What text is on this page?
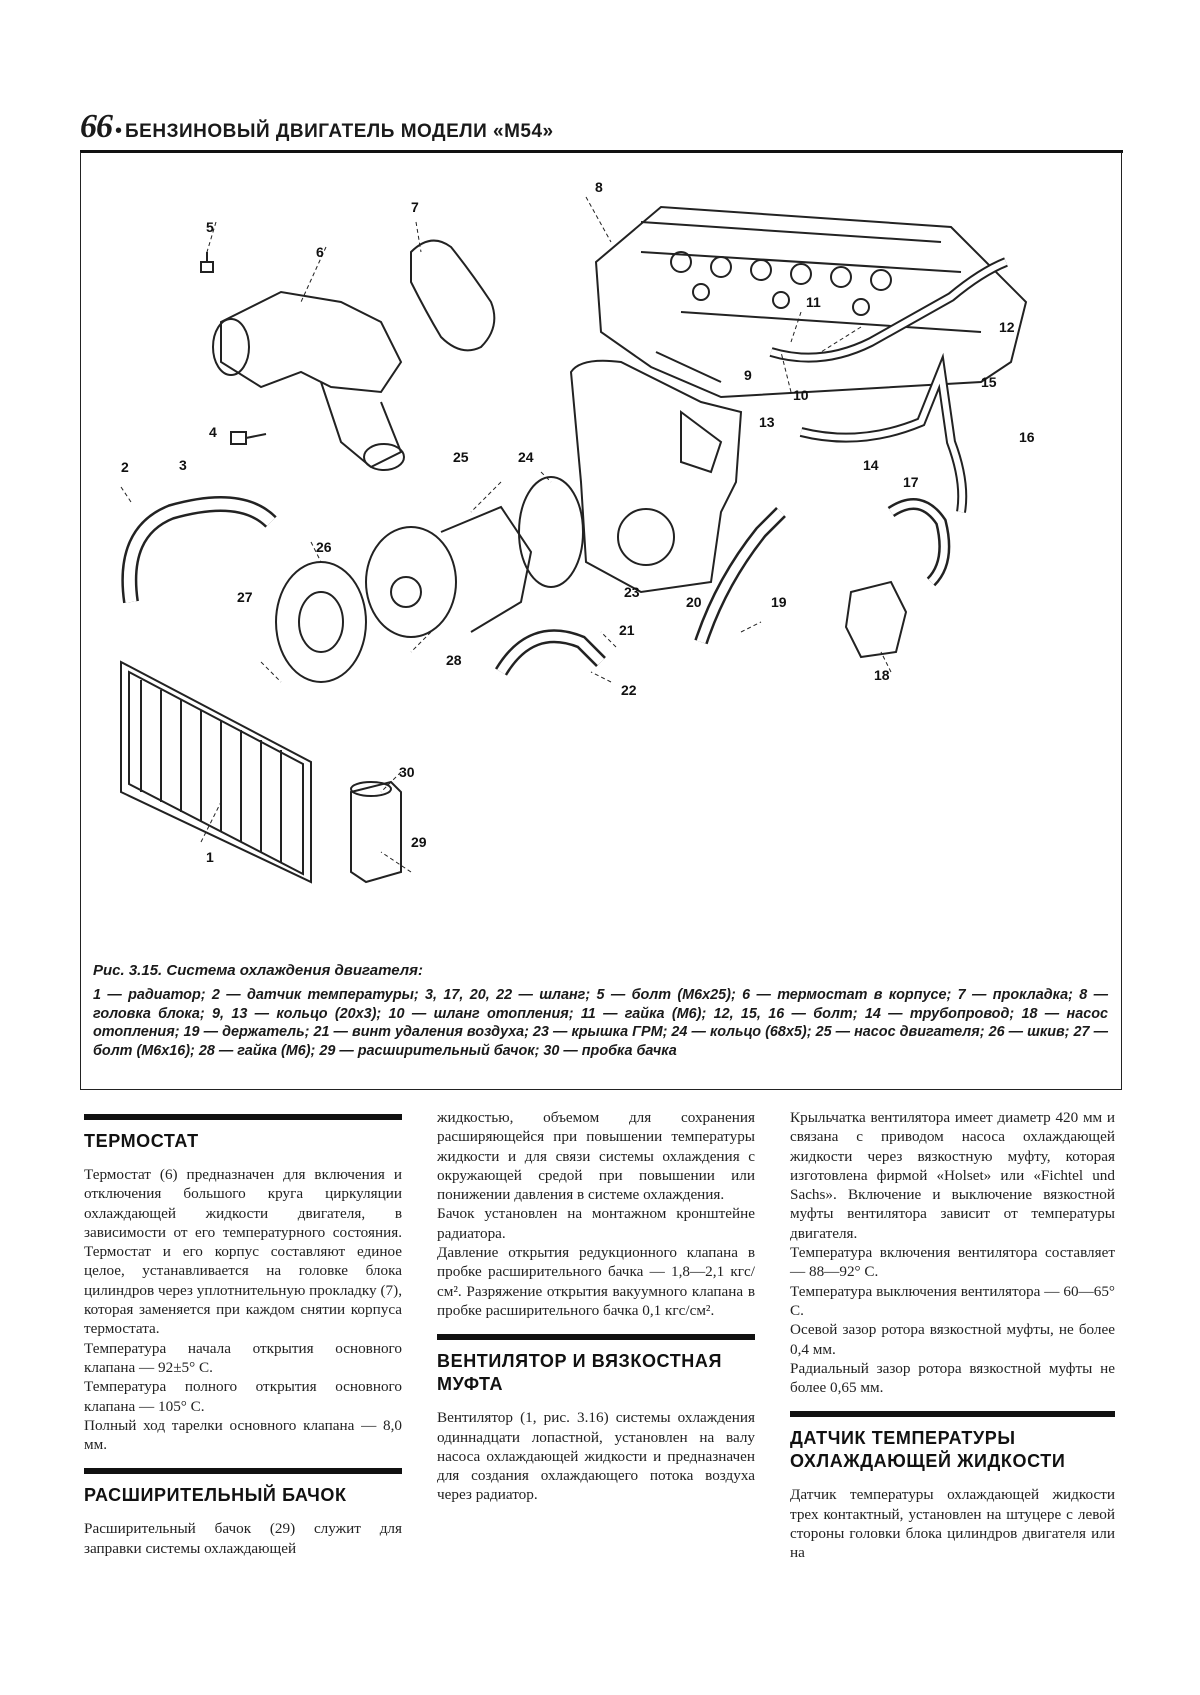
66 • БЕНЗИНОВЫЙ ДВИГАТЕЛЬ МОДЕЛИ «M54»
8
7
5
6
11
12
9
10
15
13
16
4
2	3	25	24	14
17
26
27	23
20	19
21
28
22
18
30
29
1
Рис. 3.15. Система охлаждения двигателя:
1 — радиатор; 2 — датчик температуры; 3, 17, 20, 22 — шланг; 5 — болт (М6х25); 6 — термостат в корпусе; 7 — прокладка; 8 — головка блока; 9, 13 — кольцо (20х3); 10 — шланг отопления; 11 — гайка (М6); 12, 15, 16 — болт; 14 — трубопровод; 18 — насос отопления; 19 — держатель; 21 — винт удаления воздуха; 23 — крышка ГРМ; 24 — кольцо (68х5); 25 — насос двигателя; 26 — шкив; 27 — болт (М6х16); 28 — гайка (М6); 29 — расширительный бачок; 30 — пробка бачка
ТЕРМОСТАТ

Термостат (6) предназначен для включения и отключения большого круга циркуляции охлаждающей жидкости двигателя, в зависимости от его температурного состояния. Термостат и его корпус составляют единое целое, устанавливается на головке блока цилиндров через уплотнительную прокладку (7), которая заменяется при каждом снятии корпуса термостата.

Температура начала открытия основного клапана — 92±5° С.

Температура полного открытия основного клапана — 105° С.

Полный ход тарелки основного клапана — 8,0 мм.

РАСШИРИТЕЛЬНЫЙ БАЧОК

Расширительный бачок (29) служит для заправки системы охлаждающей

жидкостью, объемом для сохранения расширяющейся при повышении температуры жидкости и для связи системы охлаждения с окружающей средой при повышении или понижении давления в системе охлаждения.

Бачок установлен на монтажном кронштейне радиатора.

Давление открытия редукционного клапана в пробке расширительного бачка — 1,8—2,1 кгс/см². Разряжение открытия вакуумного клапана в пробке расширительного бачка 0,1 кгс/см².

ВЕНТИЛЯТОР И ВЯЗКОСТНАЯ МУФТА

Вентилятор (1, рис. 3.16) системы охлаждения одиннадцати лопастной, установлен на валу насоса охлаждающей жидкости и предназначен для создания охлаждающего потока воздуха через радиатор.

Крыльчатка вентилятора имеет диаметр 420 мм и связана с приводом насоса охлаждающей жидкости через вязкостную муфту, которая изготовлена фирмой «Holset» или «Fichtel und Sachs». Включение и выключение вязкостной муфты вентилятора зависит от температуры двигателя.

Температура включения вентилятора составляет — 88—92° С.

Температура выключения вентилятора — 60—65° С.

Осевой зазор ротора вязкостной муфты, не более 0,4 мм.

Радиальный зазор ротора вязкостной муфты не более 0,65 мм.

ДАТЧИК ТЕМПЕРАТУРЫ ОХЛАЖДАЮЩЕЙ ЖИДКОСТИ

Датчик температуры охлаждающей жидкости трех контактный, установлен на штуцере с левой стороны головки блока цилиндров двигателя или на
